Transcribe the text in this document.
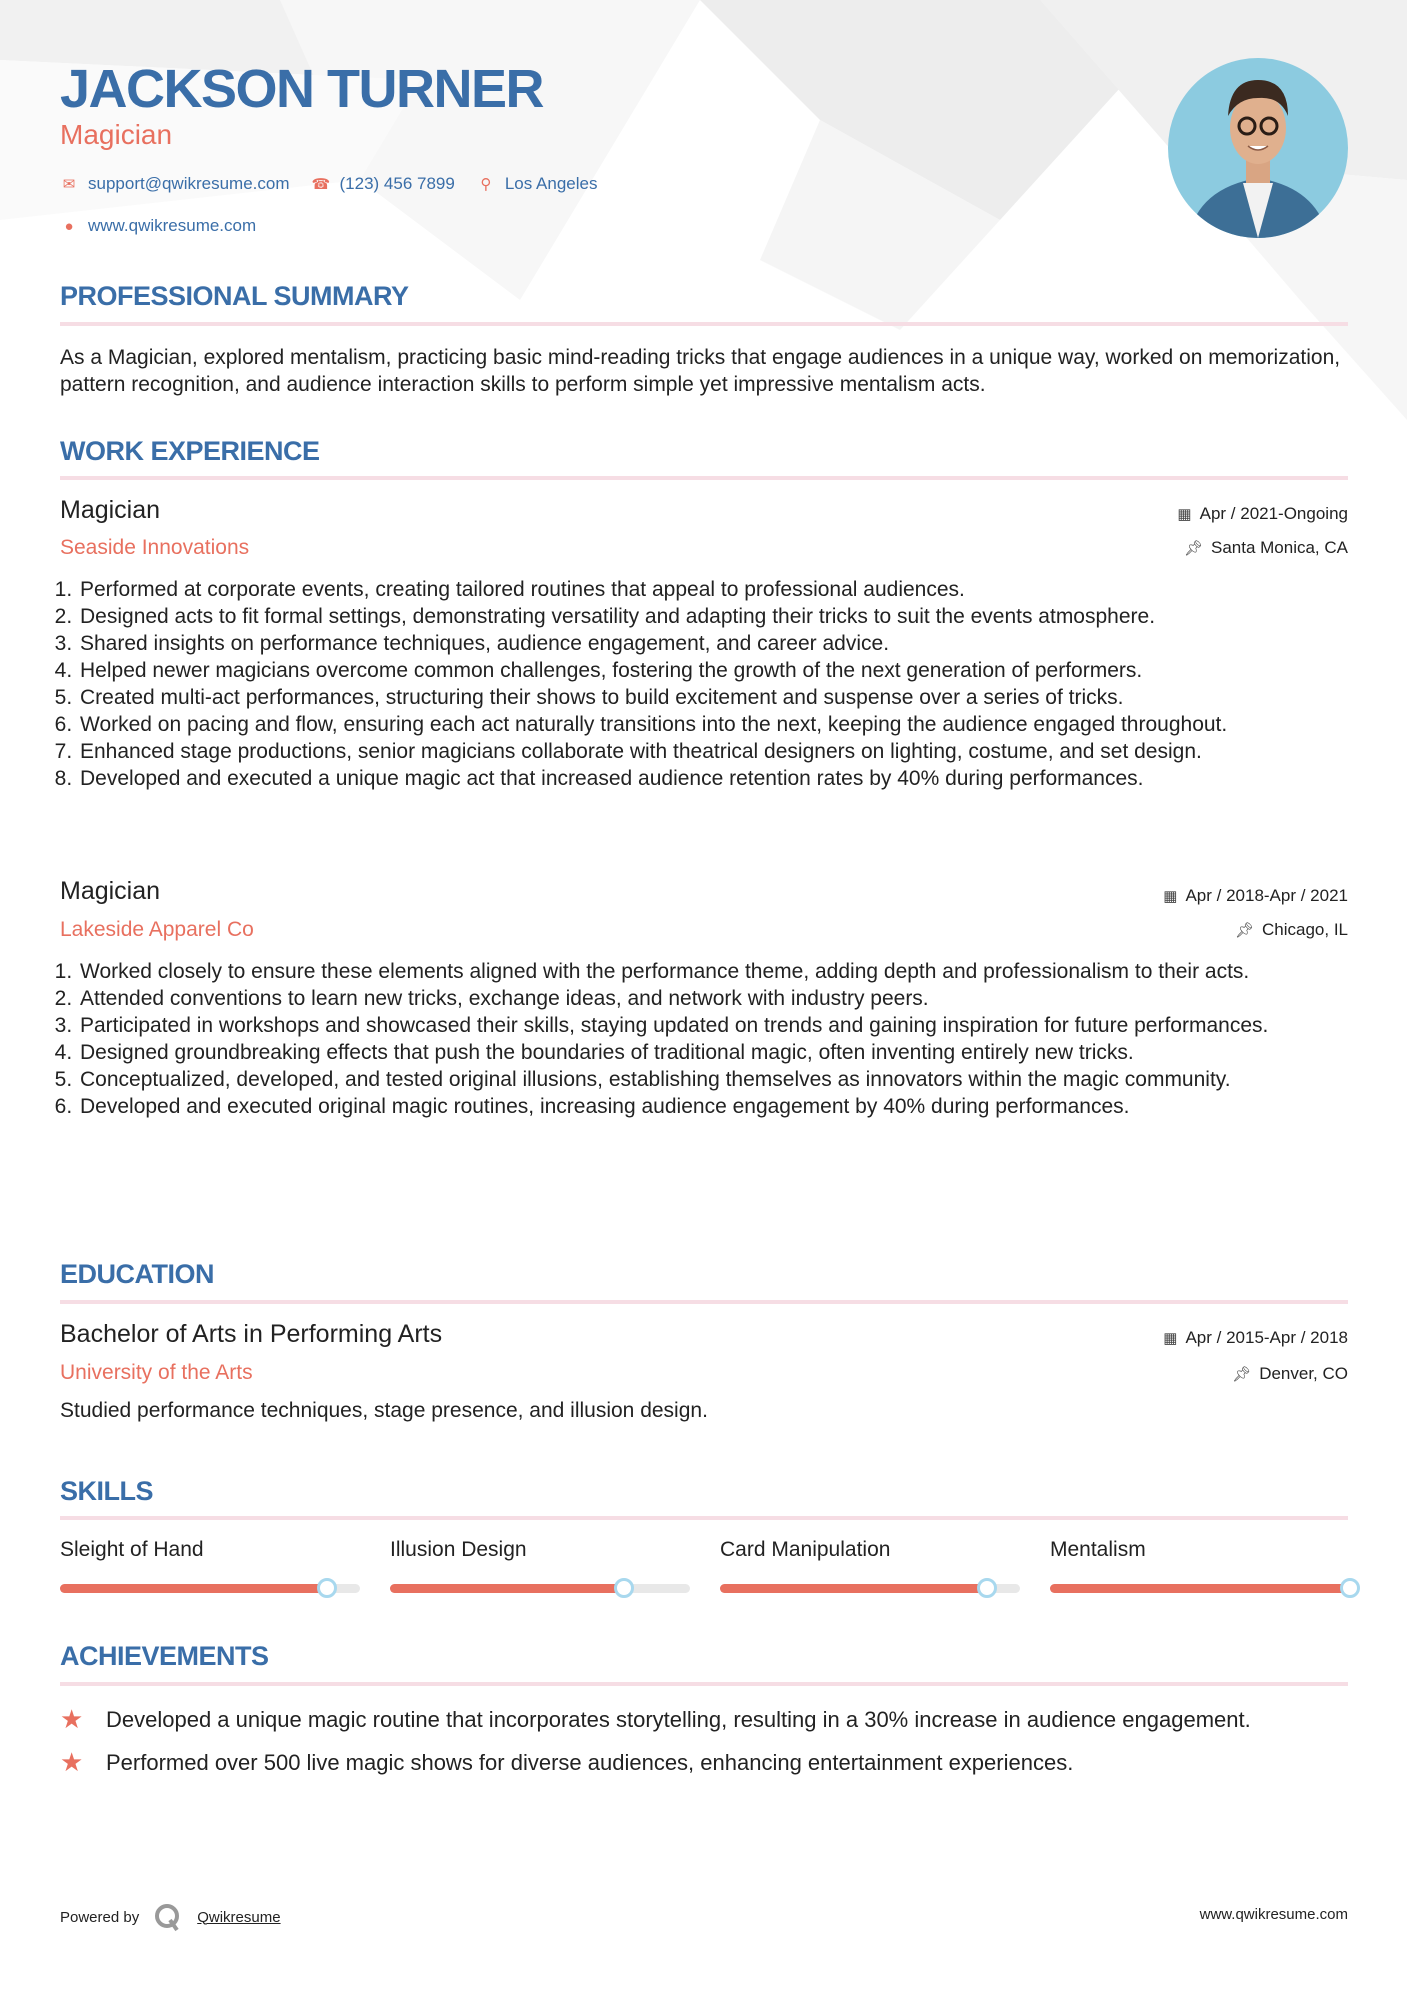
JACKSON TURNER
Magician
✉ support@qwikresume.com ☎ (123) 456 7899 ⚲ Los Angeles
● www.qwikresume.com
PROFESSIONAL SUMMARY
As a Magician, explored mentalism, practicing basic mind-reading tricks that engage audiences in a unique way, worked on memorization, pattern recognition, and audience interaction skills to perform simple yet impressive mentalism acts.
WORK EXPERIENCE
Magician	▦ Apr / 2021-Ongoing
Seaside Innovations	📌︎ Santa Monica, CA
1. Performed at corporate events, creating tailored routines that appeal to professional audiences.
2. Designed acts to fit formal settings, demonstrating versatility and adapting their tricks to suit the events atmosphere.
3. Shared insights on performance techniques, audience engagement, and career advice.
4. Helped newer magicians overcome common challenges, fostering the growth of the next generation of performers.
5. Created multi-act performances, structuring their shows to build excitement and suspense over a series of tricks.
6. Worked on pacing and flow, ensuring each act naturally transitions into the next, keeping the audience engaged throughout.
7. Enhanced stage productions, senior magicians collaborate with theatrical designers on lighting, costume, and set design.
8. Developed and executed a unique magic act that increased audience retention rates by 40% during performances.
Magician	▦ Apr / 2018-Apr / 2021
Lakeside Apparel Co	📌︎ Chicago, IL
1. Worked closely to ensure these elements aligned with the performance theme, adding depth and professionalism to their acts.
2. Attended conventions to learn new tricks, exchange ideas, and network with industry peers.
3. Participated in workshops and showcased their skills, staying updated on trends and gaining inspiration for future performances.
4. Designed groundbreaking effects that push the boundaries of traditional magic, often inventing entirely new tricks.
5. Conceptualized, developed, and tested original illusions, establishing themselves as innovators within the magic community.
6. Developed and executed original magic routines, increasing audience engagement by 40% during performances.
EDUCATION
Bachelor of Arts in Performing Arts	▦ Apr / 2015-Apr / 2018
University of the Arts	📌︎ Denver, CO
Studied performance techniques, stage presence, and illusion design.
SKILLS
Sleight of Hand	Illusion Design	Card Manipulation	Mentalism
ACHIEVEMENTS
★	Developed a unique magic routine that incorporates storytelling, resulting in a 30% increase in audience engagement.
★	Performed over 500 live magic shows for diverse audiences, enhancing entertainment experiences.
Powered by	Qwikresume	www.qwikresume.com
